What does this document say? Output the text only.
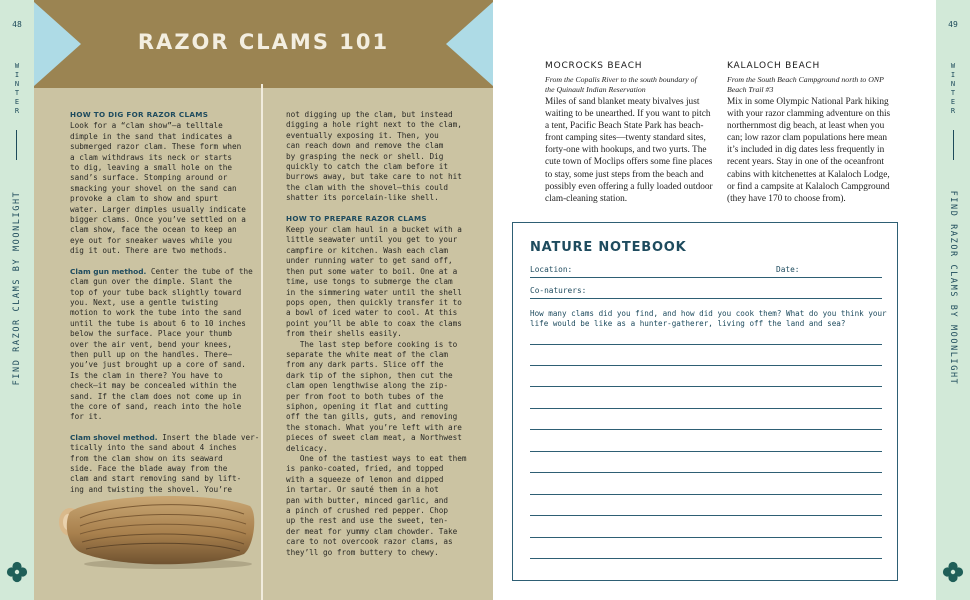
48
W
I
N
T
E
R
FIND RAZOR CLAMS BY MOONLIGHT
RAZOR CLAMS 101

HOW TO DIG FOR RAZOR CLAMS

Look for a “clam show”—a telltale
dimple in the sand that indicates a
submerged razor clam. These form when
a clam withdraws its neck or starts
to dig, leaving a small hole on the
sand’s surface. Stomping around or
smacking your shovel on the sand can
provoke a clam to show and spurt
water. Larger dimples usually indicate
bigger clams. Once you’ve settled on a
clam show, face the ocean to keep an
eye out for sneaker waves while you
dig it out. There are two methods.

Clam gun method. Center the tube of the

clam gun over the dimple. Slant the
top of your tube back slightly toward
you. Next, use a gentle twisting
motion to work the tube into the sand
until the tube is about 6 to 10 inches
below the surface. Place your thumb
over the air vent, bend your knees,
then pull up on the handles. There—
you’ve just brought up a core of sand.
Is the clam in there? You have to
check—it may be concealed within the
sand. If the clam does not come up in
the core of sand, reach into the hole
for it.

Clam shovel method. Insert the blade ver-

tically into the sand about 4 inches
from the clam show on its seaward
side. Face the blade away from the
clam and start removing sand by lift-
ing and twisting the shovel. You’re

not digging up the clam, but instead
digging a hole right next to the clam,
eventually exposing it. Then, you
can reach down and remove the clam
by grasping the neck or shell. Dig
quickly to catch the clam before it
burrows away, but take care to not hit
the clam with the shovel—this could
shatter its porcelain-like shell.

HOW TO PREPARE RAZOR CLAMS

Keep your clam haul in a bucket with a
little seawater until you get to your
campfire or kitchen. Wash each clam
under running water to get sand off,
then put some water to boil. One at a
time, use tongs to submerge the clam
in the simmering water until the shell
pops open, then quickly transfer it to
a bowl of iced water to cool. At this
point you’ll be able to coax the clams
from their shells easily.

The last step before cooking is to
separate the white meat of the clam
from any dark parts. Slice off the
dark tip of the siphon, then cut the
clam open lengthwise along the zip-
per from foot to both tubes of the
siphon, opening it flat and cutting
off the tan gills, guts, and removing
the stomach. What you’re left with are
pieces of sweet clam meat, a Northwest
delicacy.

One of the tastiest ways to eat them
is panko-coated, fried, and topped
with a squeeze of lemon and dipped
in tartar. Or sauté them in a hot
pan with butter, minced garlic, and
a pinch of crushed red pepper. Chop
up the rest and use the sweet, ten-
der meat for yummy clam chowder. Take
care to not overcook razor clams, as
they’ll go from buttery to chewy.

MOCROCKS BEACH

From the Copalis River to the south boundary of
the Quinault Indian Reservation

Miles of sand blanket meaty bivalves just
waiting to be unearthed. If you want to pitch
a tent, Pacific Beach State Park has beach-
front camping sites—twenty standard sites,
forty-one with hookups, and two yurts. The
cute town of Moclips offers some fine places
to stay, some just steps from the beach and
possibly even offering a fully loaded outdoor
clam-cleaning station.

KALALOCH BEACH

From the South Beach Campground north to ONP
Beach Trail #3

Mix in some Olympic National Park hiking
with your razor clamming adventure on this
northernmost dig beach, at least when you
can; low razor clam populations here mean
it’s included in dig dates less frequently in
recent years. Stay in one of the oceanfront
cabins with kitchenettes at Kalaloch Lodge,
or find a campsite at Kalaloch Campground
(they have 170 to choose from).

NATURE NOTEBOOK
Location:	Date:
Co-naturers:

How many clams did you find, and how did you cook them? What do you think your
life would be like as a hunter-gatherer, living off the land and sea?

49
W
I
N
T
E
R
FIND RAZOR CLAMS BY MOONLIGHT
